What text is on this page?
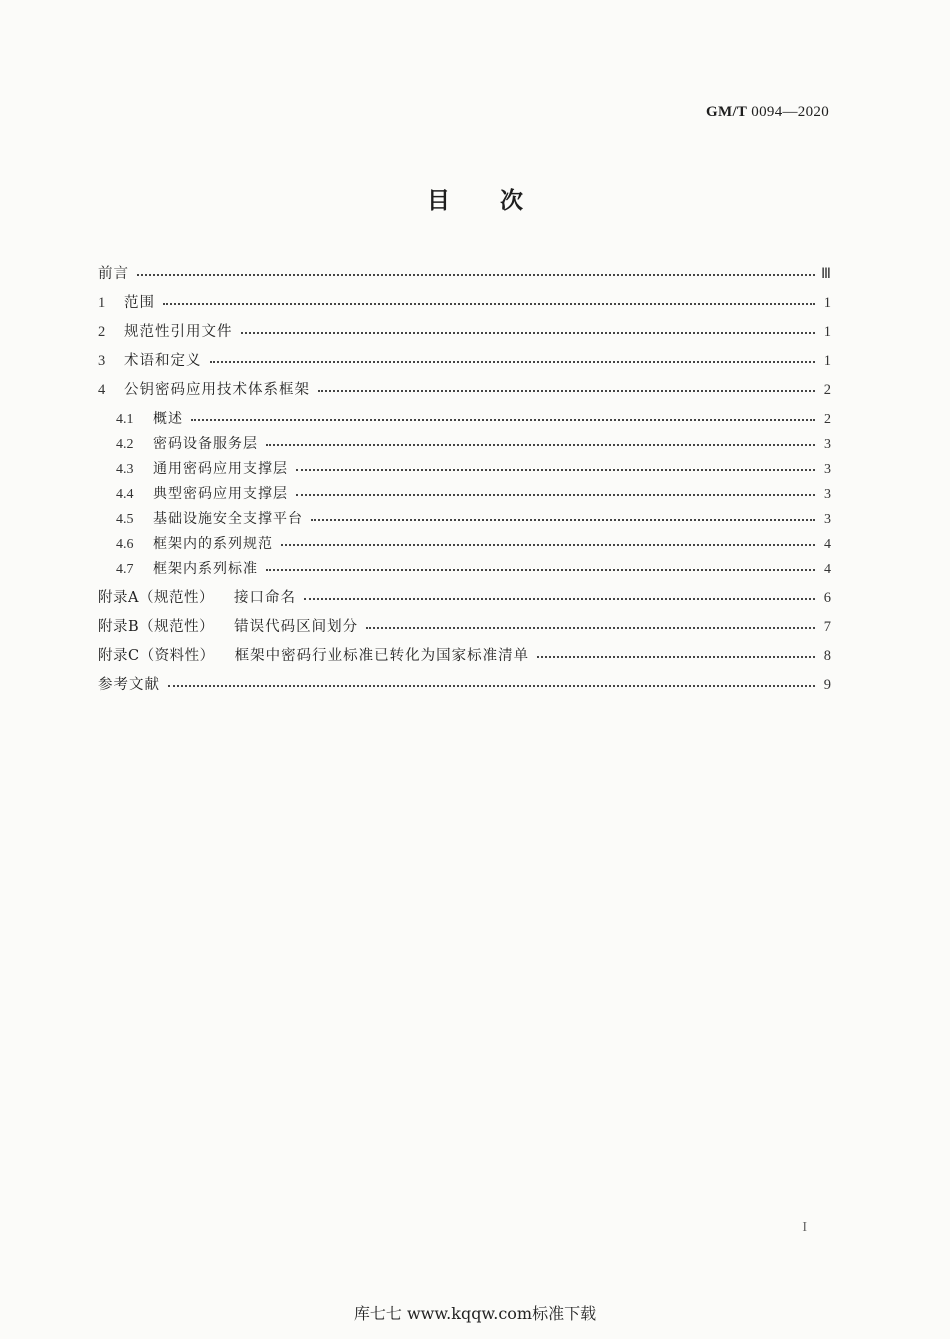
GM/T 0094—2020
目次
前言	Ⅲ
1	范围	1
2	规范性引用文件	1
3	术语和定义	1
4	公钥密码应用技术体系框架	2
4.1	概述	2
4.2	密码设备服务层	3
4.3	通用密码应用支撑层	3
4.4	典型密码应用支撑层	3
4.5	基础设施安全支撑平台	3
4.6	框架内的系列规范	4
4.7	框架内系列标准	4
附录A（规范性） 接口命名	6
附录B（规范性） 错误代码区间划分	7
附录C（资料性） 框架中密码行业标准已转化为国家标准清单	8
参考文献	9
I
库七七 www.kqqw.com标准下载
